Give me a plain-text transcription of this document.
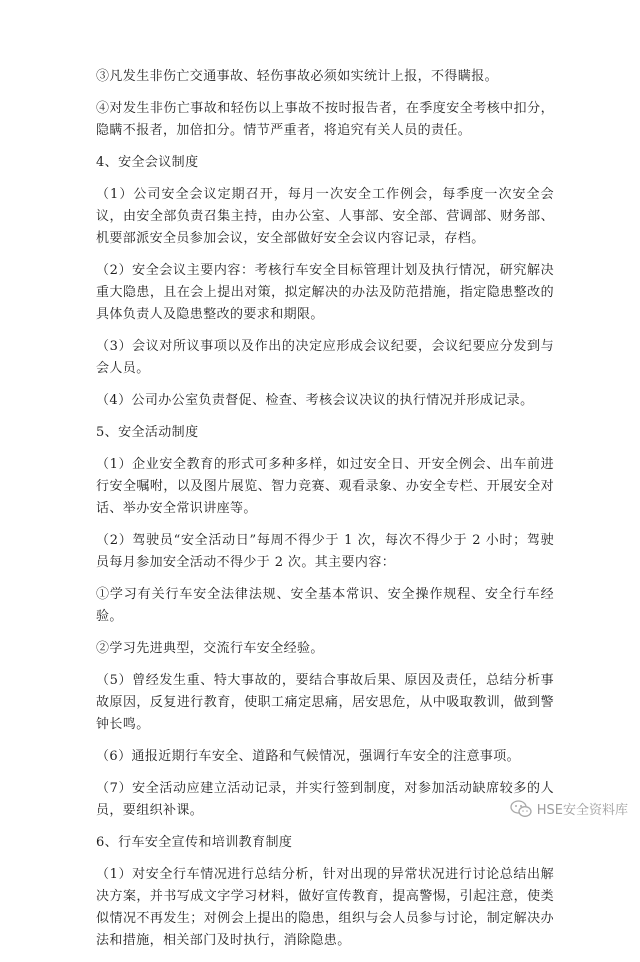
③凡发生非伤亡交通事故、轻伤事故必须如实统计上报，不得瞒报。

④对发生非伤亡事故和轻伤以上事故不按时报告者，在季度安全考核中扣分，隐瞒不报者，加倍扣分。情节严重者，将追究有关人员的责任。

4、安全会议制度

（1）公司安全会议定期召开，每月一次安全工作例会，每季度一次安全会议，由安全部负责召集主持，由办公室、人事部、安全部、营调部、财务部、机要部派安全员参加会议，安全部做好安全会议内容记录，存档。

（2）安全会议主要内容：考核行车安全目标管理计划及执行情况，研究解决重大隐患，且在会上提出对策，拟定解决的办法及防范措施，指定隐患整改的具体负责人及隐患整改的要求和期限。

（3）会议对所议事项以及作出的决定应形成会议纪要，会议纪要应分发到与会人员。

（4）公司办公室负责督促、检查、考核会议决议的执行情况并形成记录。

5、安全活动制度

（1）企业安全教育的形式可多种多样，如过安全日、开安全例会、出车前进行安全嘱咐，以及图片展览、智力竞赛、观看录象、办安全专栏、开展安全对话、举办安全常识讲座等。

（2）驾驶员“安全活动日”每周不得少于 1 次，每次不得少于 2 小时；驾驶员每月参加安全活动不得少于 2 次。其主要内容：

①学习有关行车安全法律法规、安全基本常识、安全操作规程、安全行车经验。

②学习先进典型，交流行车安全经验。

（5）曾经发生重、特大事故的，要结合事故后果、原因及责任，总结分析事故原因，反复进行教育，使职工痛定思痛，居安思危，从中吸取教训，做到警钟长鸣。

（6）通报近期行车安全、道路和气候情况，强调行车安全的注意事项。

（7）安全活动应建立活动记录，并实行签到制度，对参加活动缺席较多的人员，要组织补课。

6、行车安全宣传和培训教育制度

（1）对安全行车情况进行总结分析，针对出现的异常状况进行讨论总结出解决方案，并书写成文字学习材料，做好宣传教育，提高警惕，引起注意，使类似情况不再发生；对例会上提出的隐患，组织与会人员参与讨论，制定解决办法和措施，相关部门及时执行，消除隐患。

HSE安全资料库
